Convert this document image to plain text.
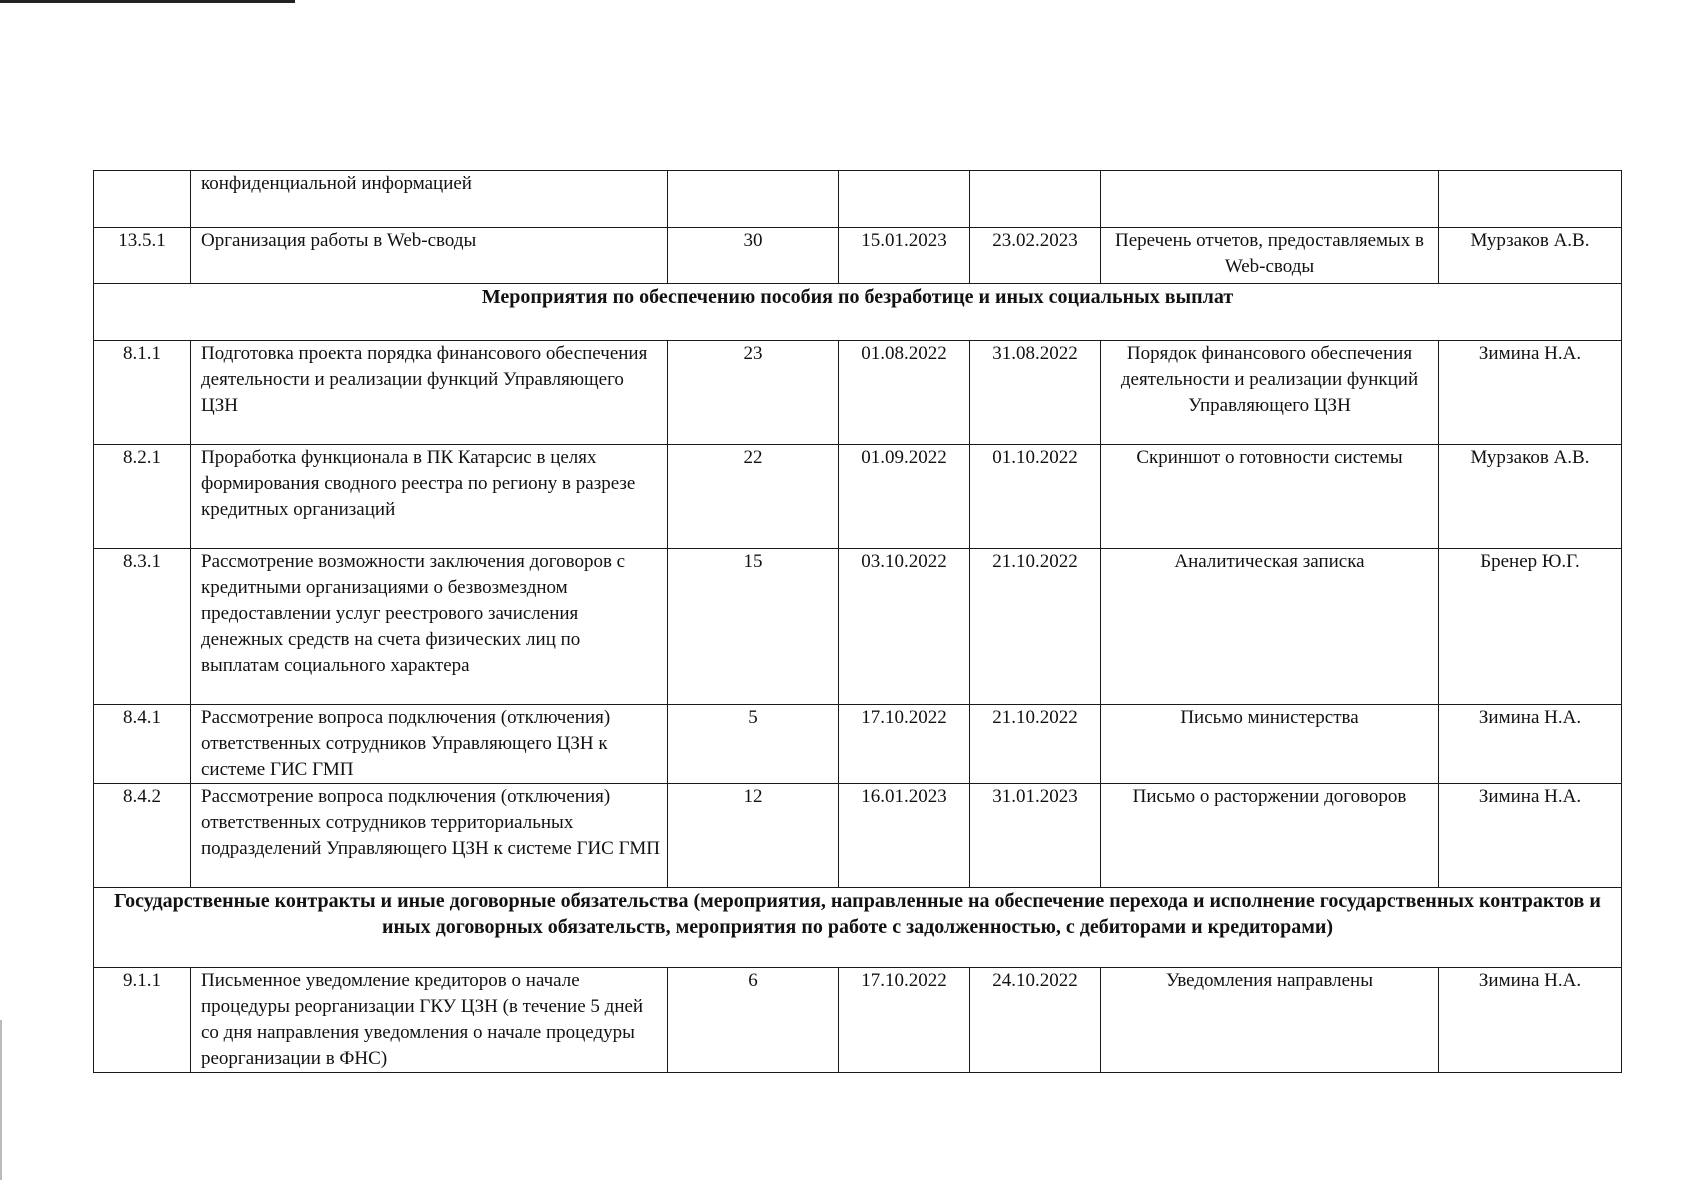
	конфиденциальной информацией					
13.5.1	Организация работы в Web-своды	30	15.01.2023	23.02.2023	Перечень отчетов, предоставляемых в Web-своды	Мурзаков А.В.
Мероприятия по обеспечению пособия по безработице и иных социальных выплат						
8.1.1	Подготовка проекта порядка финансового обеспечения деятельности и реализации функций Управляющего ЦЗН	23	01.08.2022	31.08.2022	Порядок финансового обеспечения деятельности и реализации функций Управляющего ЦЗН	Зимина Н.А.
8.2.1	Проработка функционала в ПК Катарсис в целях формирования сводного реестра по региону в разрезе кредитных организаций	22	01.09.2022	01.10.2022	Скриншот о готовности системы	Мурзаков А.В.
8.3.1	Рассмотрение возможности заключения договоров с кредитными организациями о безвозмездном предоставлении услуг реестрового зачисления денежных средств на счета физических лиц по выплатам социального характера	15	03.10.2022	21.10.2022	Аналитическая записка	Бренер Ю.Г.
8.4.1	Рассмотрение вопроса подключения (отключения) ответственных сотрудников Управляющего ЦЗН к системе ГИС ГМП	5	17.10.2022	21.10.2022	Письмо министерства	Зимина Н.А.
8.4.2	Рассмотрение вопроса подключения (отключения) ответственных сотрудников территориальных подразделений Управляющего ЦЗН к системе ГИС ГМП	12	16.01.2023	31.01.2023	Письмо о расторжении договоров	Зимина Н.А.
Государственные контракты и иные договорные обязательства (мероприятия, направленные на обеспечение перехода и исполнение государственных контрактов и иных договорных обязательств, мероприятия по работе с задолженностью, с дебиторами и кредиторами)						
9.1.1	Письменное уведомление кредиторов о начале процедуры реорганизации ГКУ ЦЗН (в течение 5 дней со дня направления уведомления о начале процедуры реорганизации в ФНС)	6	17.10.2022	24.10.2022	Уведомления направлены	Зимина Н.А.
